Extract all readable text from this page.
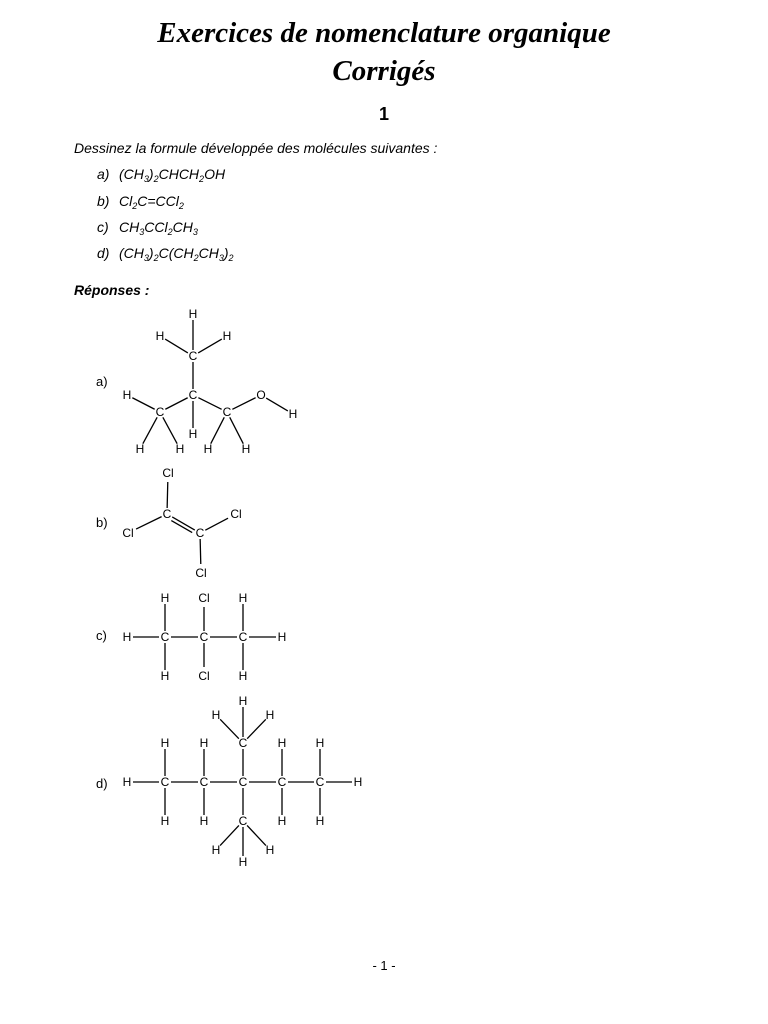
Exercices de nomenclature organique
Corrigés
1
Dessinez la formule développée des molécules suivantes :
a) $(CH_3)_2CHCH_2OH$
b) $Cl_2C=CCl_2$
c) $CH_3CCl_2CH_3$
d) $(CH_3)_2C(CH_2CH_3)_2$
Réponses :
a)
b)
c)
d)
H
H	H
C
H
C
C
C
O
H
H	H
H
H H
Cl
Cl
C
C
Cl
Cl
H C	C	C	H
H Cl H
H Cl H
H C	C	C	C C H
H	H	H H
H	H	H H
C
H	H
H
C
H	H
H
- 1 -
